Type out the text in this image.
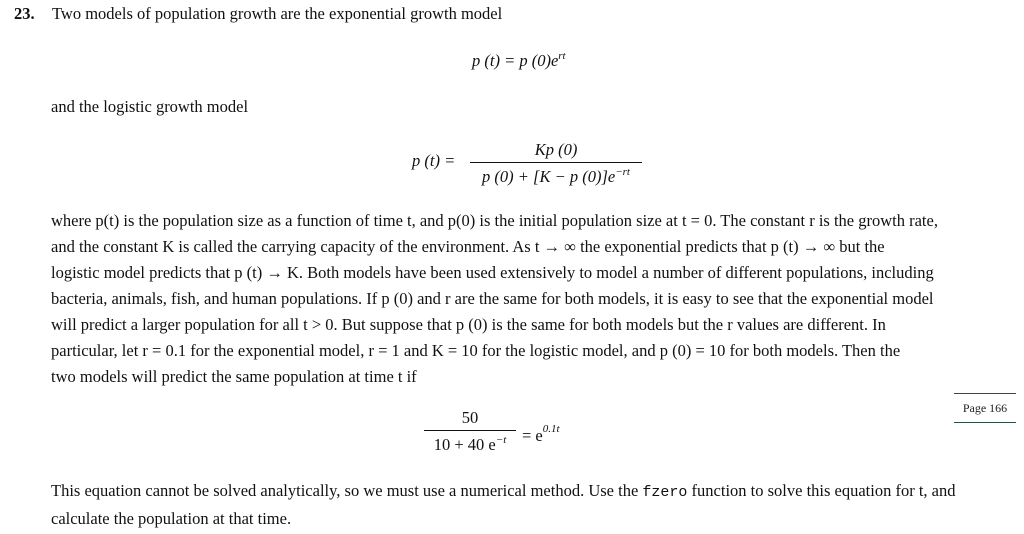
23. Two models of population growth are the exponential growth model
p (t) = p $(0)e^{rt}$
and the logistic growth model
p (t) =
Kp (0)
p (0) + [K − p $(0)]e^{-rt}$
where p(t) is the population size as a function of time t, and p(0) is the initial population size at t = 0. The constant r is the growth rate,
and the constant K is called the carrying capacity of the environment. As t → ∞ the exponential predicts that p (t) → ∞ but the
logistic model predicts that p (t) → K. Both models have been used extensively to model a number of different populations, including
bacteria, animals, fish, and human populations. If p (0) and r are the same for both models, it is easy to see that the exponential model
will predict a larger population for all t > 0. But suppose that p (0) is the same for both models but the r values are different. In
particular, let r = 0.1 for the exponential model, r = 1 and K = 10 for the logistic model, and p (0) = 10 for both models. Then the
two models will predict the same population at time t if
50
10 + 40 $e^{-t} = e^{0.1t}$
Page 166
This equation cannot be solved analytically, so we must use a numerical method. Use the fzero function to solve this equation for t, and
calculate the population at that time.
